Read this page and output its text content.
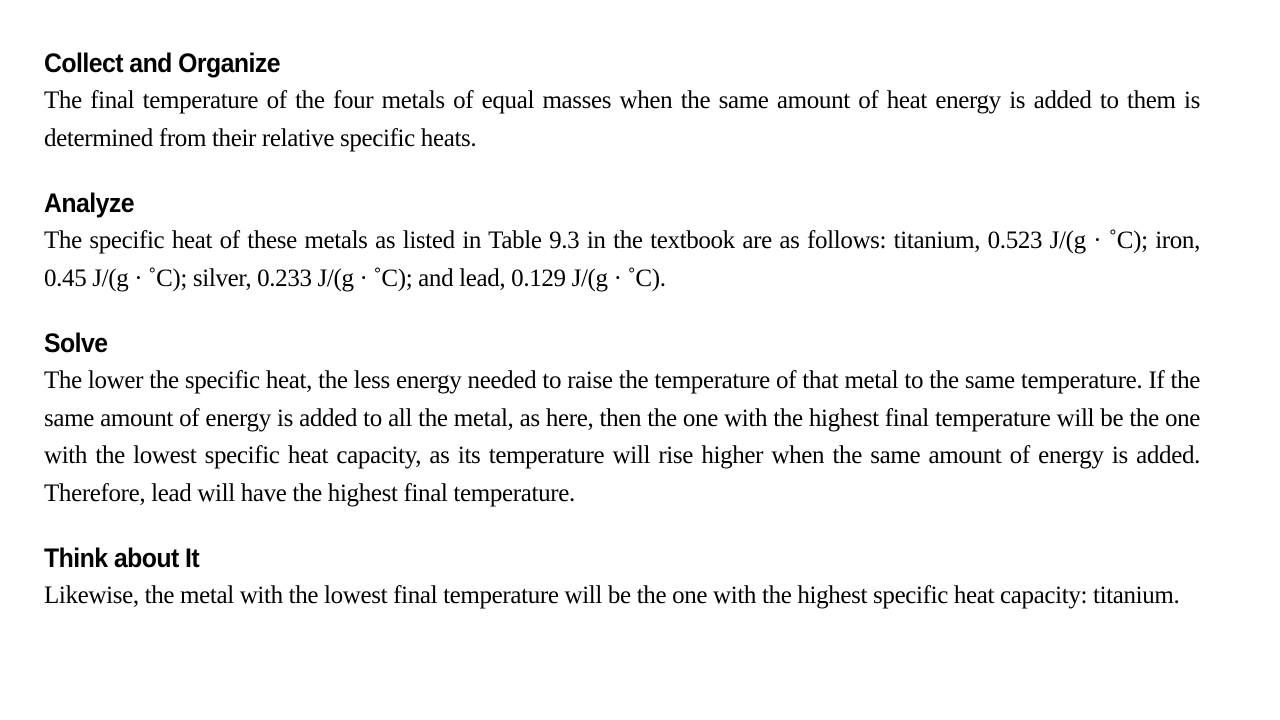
Collect and Organize

The final temperature of the four metals of equal masses when the same amount of heat energy is added to them is determined from their relative specific heats.

Analyze

The specific heat of these metals as listed in Table 9.3 in the textbook are as follows: titanium, 0.523 J/(g · ˚C); iron, 0.45 J/(g · ˚C); silver, 0.233 J/(g · ˚C); and lead, 0.129 J/(g · ˚C).

Solve

The lower the specific heat, the less energy needed to raise the temperature of that metal to the same temperature. If the same amount of energy is added to all the metal, as here, then the one with the highest final temperature will be the one with the lowest specific heat capacity, as its temperature will rise higher when the same amount of energy is added. Therefore, lead will have the highest final temperature.

Think about It

Likewise, the metal with the lowest final temperature will be the one with the highest specific heat capacity: titanium.
